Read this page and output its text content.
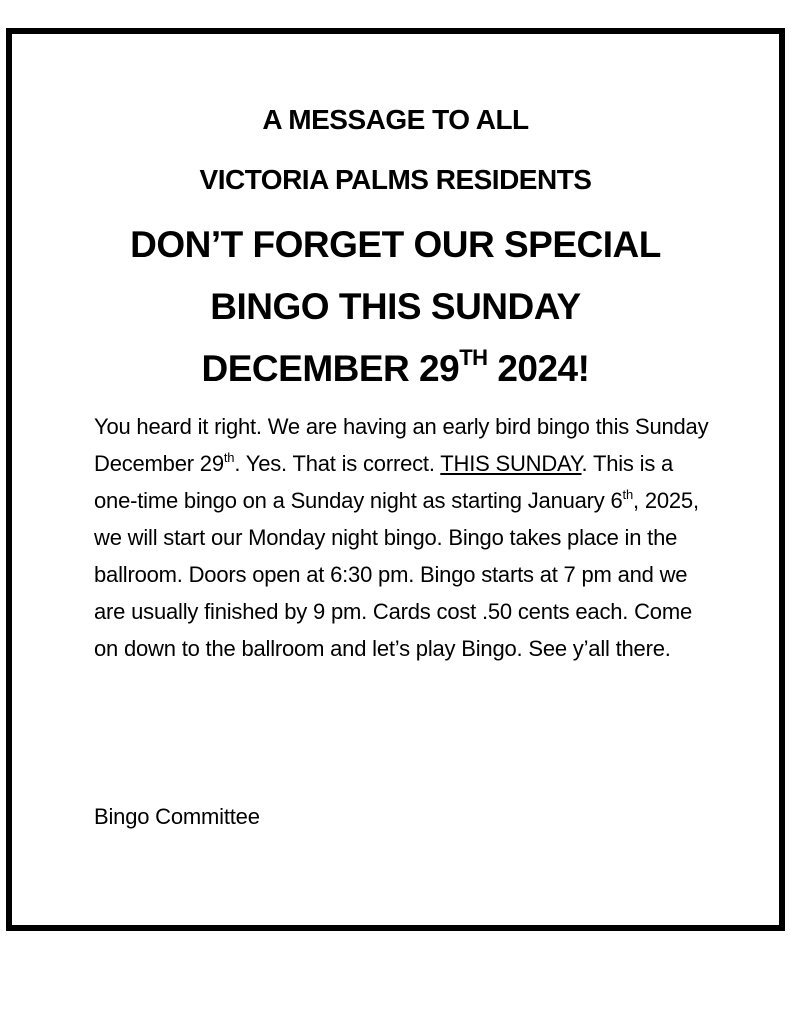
A MESSAGE TO ALL

VICTORIA PALMS RESIDENTS

DON’T FORGET OUR SPECIAL

BINGO THIS SUNDAY

DECEMBER 29TH 2024!

You heard it right. We are having an early bird bingo this Sunday December 29th. Yes. That is correct. THIS SUNDAY. This is a one-time bingo on a Sunday night as starting January 6th, 2025, we will start our Monday night bingo. Bingo takes place in the ballroom. Doors open at 6:30 pm. Bingo starts at 7 pm and we are usually finished by 9 pm. Cards cost .50 cents each. Come on down to the ballroom and let’s play Bingo. See y’all there.

Bingo Committee
